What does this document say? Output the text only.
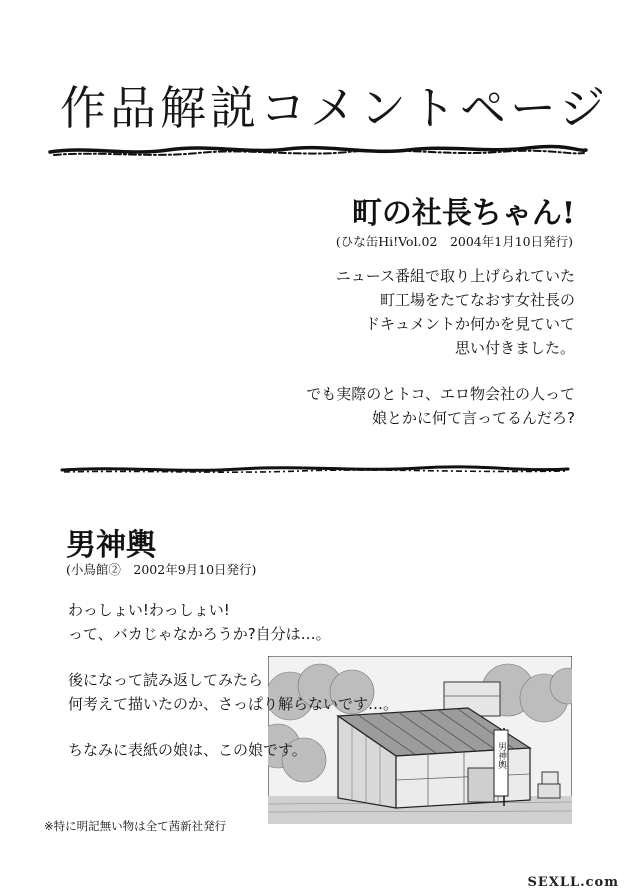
作品解説コメントページ
町の社長ちゃん!
(ひな缶Hi!Vol.02　2004年1月10日発行)

ニュース番組で取り上げられていた

町工場をたてなおす女社長の

ドキュメントか何かを見ていて

思い付きました。

でも実際のとトコ、エロ物会社の人って

娘とかに何て言ってるんだろ?

男神輿
(小鳥館②　2002年9月10日発行)

わっしょい!わっしょい!

って、バカじゃなかろうか?自分は…。

男神輿

後になって読み返してみたら

何考えて描いたのか、さっぱり解らないです…。

ちなみに表紙の娘は、この娘です。

※特に明記無い物は全て茜新社発行
SEXLL.com
